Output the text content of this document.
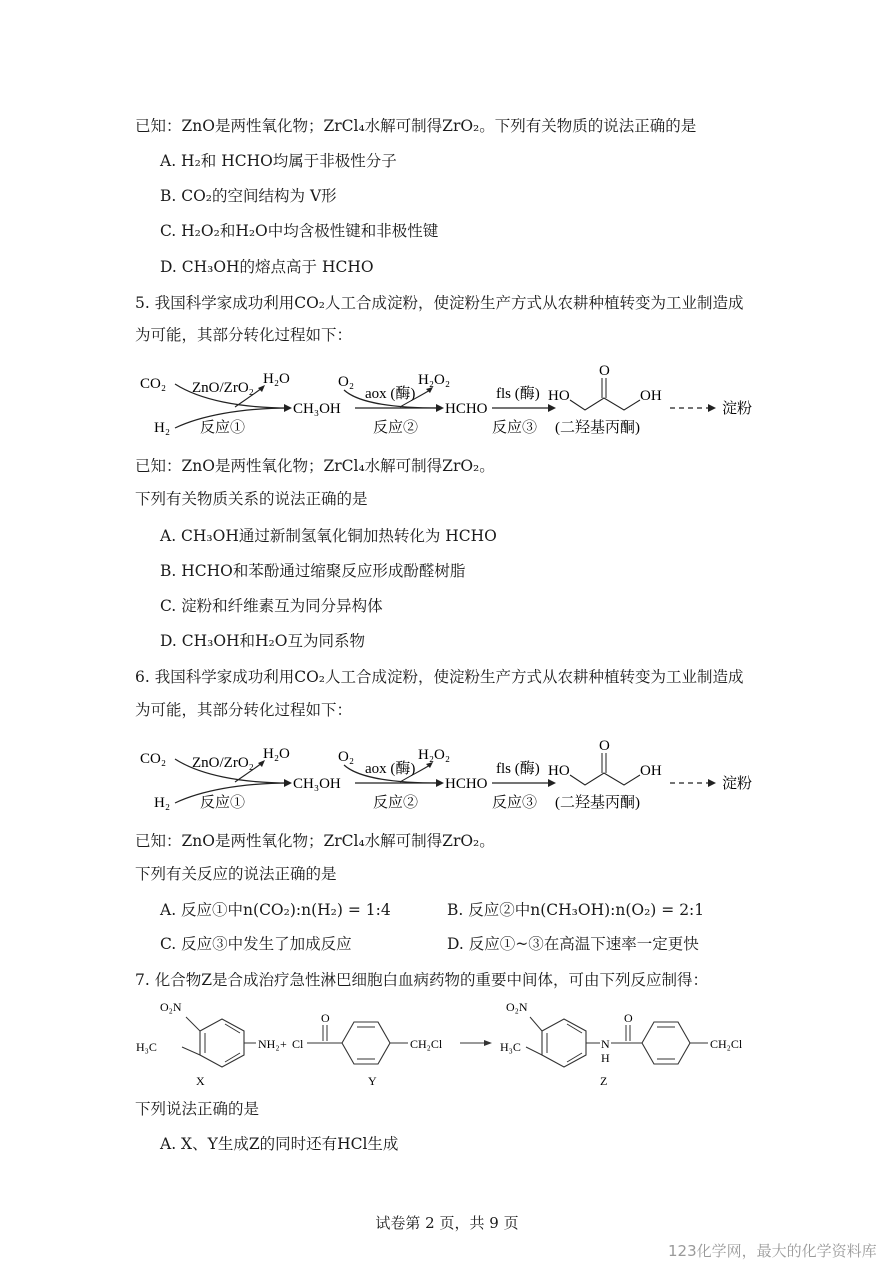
已知：ZnO是两性氧化物；ZrCl₄水解可制得ZrO₂。下列有关物质的说法正确的是
A. H₂和 HCHO均属于非极性分子
B. CO₂的空间结构为 V形
C. H₂O₂和H₂O中均含极性键和非极性键
D. CH₃OH的熔点高于 HCHO
5. 我国科学家成功利用CO₂人工合成淀粉，使淀粉生产方式从农耕种植转变为工业制造成
为可能，其部分转化过程如下：
CO₂
H₂
ZnO/ZrO₂
H₂O
反应①
CH₃OH
O₂
aox (酶)
H₂O₂
反应②
HCHO
fls (酶)
反应③
HO
O
OH
(二羟基丙酮)
淀粉
已知：ZnO是两性氧化物；ZrCl₄水解可制得ZrO₂。
下列有关物质关系的说法正确的是
A. CH₃OH通过新制氢氧化铜加热转化为 HCHO
B. HCHO和苯酚通过缩聚反应形成酚醛树脂
C. 淀粉和纤维素互为同分异构体
D. CH₃OH和H₂O互为同系物
6. 我国科学家成功利用CO₂人工合成淀粉，使淀粉生产方式从农耕种植转变为工业制造成
为可能，其部分转化过程如下：
CO₂
H₂
ZnO/ZrO₂
H₂O
反应①
CH₃OH
O₂
aox (酶)
H₂O₂
反应②
HCHO
fls (酶)
反应③
HO
O
OH
(二羟基丙酮)
淀粉
已知：ZnO是两性氧化物；ZrCl₄水解可制得ZrO₂。
下列有关反应的说法正确的是
A. 反应①中n(CO₂):n(H₂) = 1:4	B. 反应②中n(CH₃OH):n(O₂) = 2:1
C. 反应③中发生了加成反应	D. 反应①~③在高温下速率一定更快
7. 化合物Z是合成治疗急性淋巴细胞白血病药物的重要中间体，可由下列反应制得：
O₂N
H₃C	NH₂
X
+ Cl
O
CH₂Cl
Y
H₃C
O₂N
N
H
O
CH₂Cl
Z
下列说法正确的是
A. X、Y生成Z的同时还有HCl生成
试卷第 2 页，共 9 页
123化学网，最大的化学资料库
